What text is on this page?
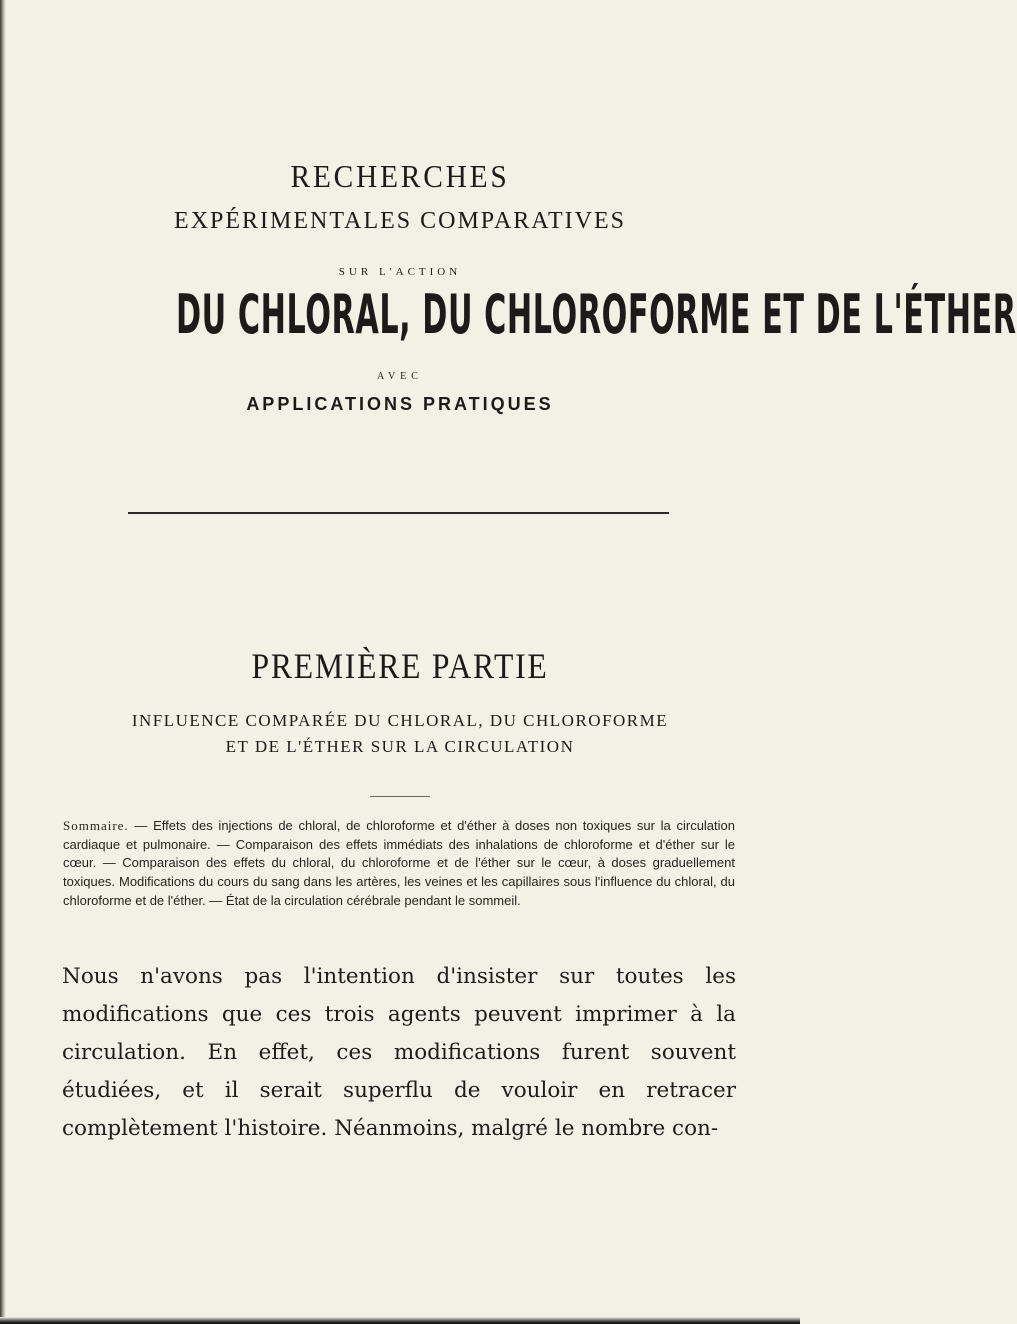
RECHERCHES
EXPÉRIMENTALES COMPARATIVES
SUR L'ACTION
DU CHLORAL, DU CHLOROFORME ET DE L'ÉTHER
AVEC
APPLICATIONS PRATIQUES
PREMIÈRE PARTIE
INFLUENCE COMPARÉE DU CHLORAL, DU CHLOROFORME
ET DE L'ÉTHER SUR LA CIRCULATION
Sommaire. — Effets des injections de chloral, de chloroforme et d'éther à doses non toxiques sur la circulation cardiaque et pulmonaire. — Comparaison des effets immédiats des inhalations de chloroforme et d'éther sur le cœur. — Comparaison des effets du chloral, du chloroforme et de l'éther sur le cœur, à doses graduellement toxiques. Modifications du cours du sang dans les artères, les veines et les capillaires sous l'influence du chloral, du chloroforme et de l'éther. — État de la circulation cérébrale pendant le sommeil.
Nous n'avons pas l'intention d'insister sur toutes les modifications que ces trois agents peuvent imprimer à la circulation. En effet, ces modifications furent souvent étudiées, et il serait superflu de vouloir en retracer complètement l'histoire. Néanmoins, malgré le nombre con-
